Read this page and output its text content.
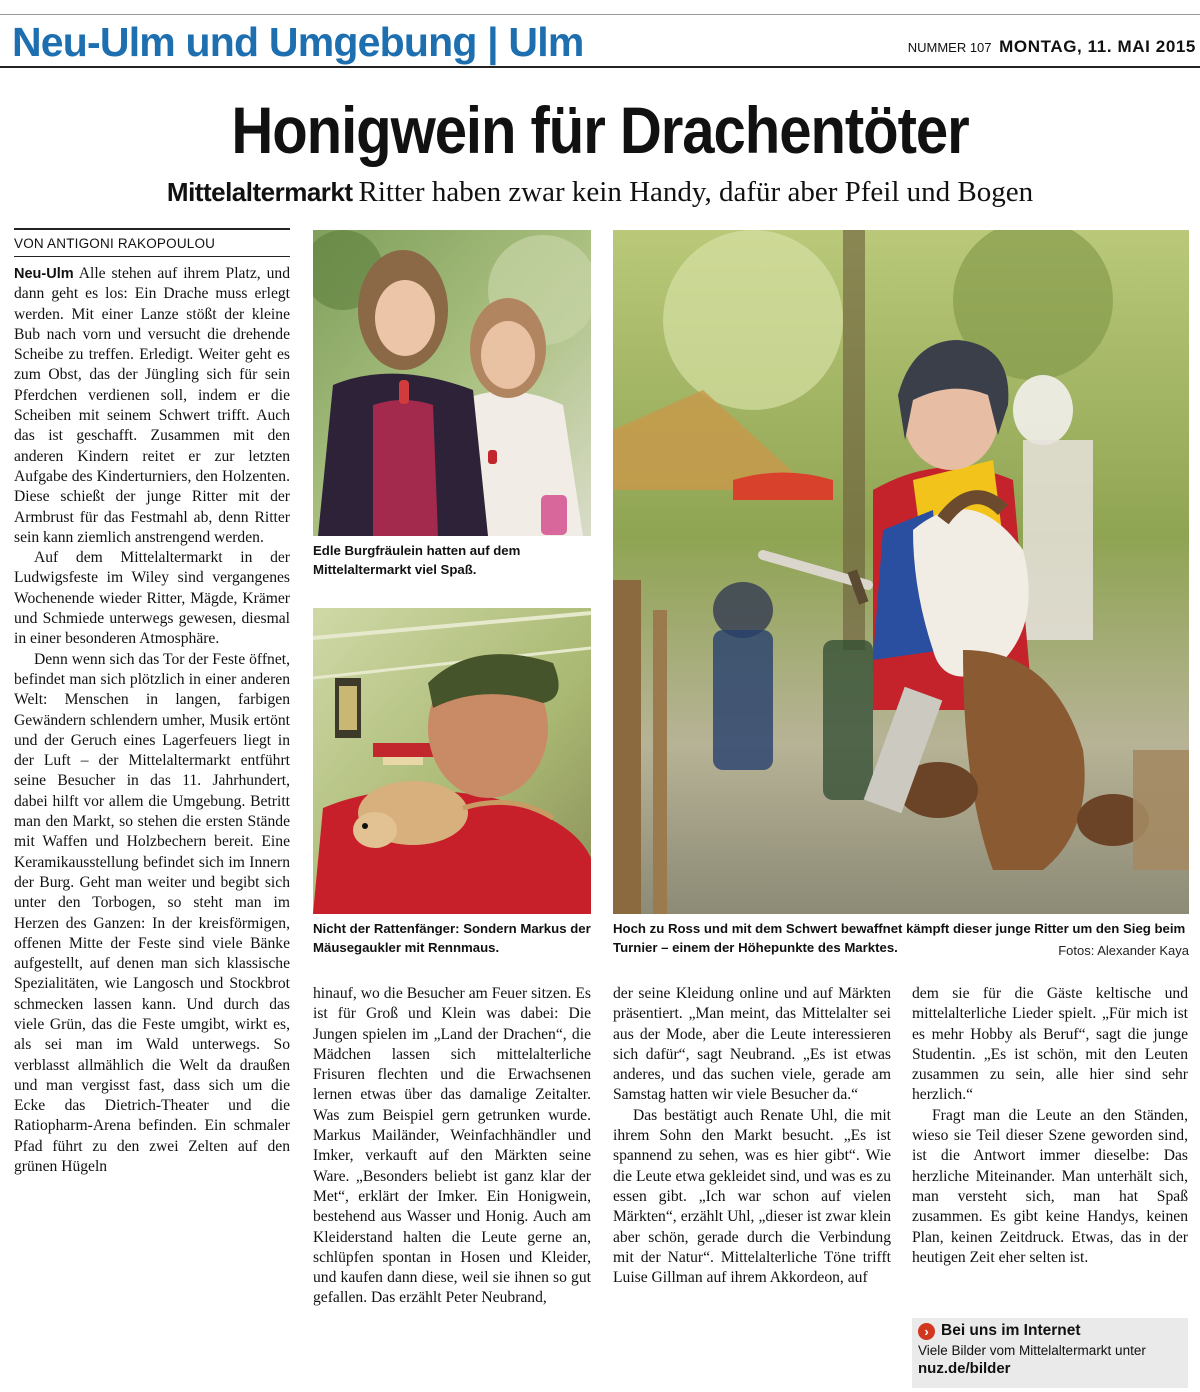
Neu-Ulm und Umgebung | Ulm	NUMMER 107 MONTAG, 11. MAI 2015
Honigwein für Drachentöter
Mittelaltermarkt Ritter haben zwar kein Handy, dafür aber Pfeil und Bogen
VON ANTIGONI RAKOPOULOU

Neu-Ulm Alle stehen auf ihrem Platz, und dann geht es los: Ein Drache muss erlegt werden. Mit einer Lanze stößt der kleine Bub nach vorn und versucht die drehende Scheibe zu treffen. Erledigt. Weiter geht es zum Obst, das der Jüngling sich für sein Pferdchen verdienen soll, indem er die Scheiben mit seinem Schwert trifft. Auch das ist geschafft. Zusammen mit den anderen Kindern reitet er zur letzten Aufgabe des Kinderturniers, den Holzenten. Diese schießt der junge Ritter mit der Armbrust für das Festmahl ab, denn Ritter sein kann ziemlich anstrengend werden.

Auf dem Mittelaltermarkt in der Ludwigsfeste im Wiley sind vergangenes Wochenende wieder Ritter, Mägde, Krämer und Schmiede unterwegs gewesen, diesmal in einer besonderen Atmosphäre.

Denn wenn sich das Tor der Feste öffnet, befindet man sich plötzlich in einer anderen Welt: Menschen in langen, farbigen Gewändern schlendern umher, Musik ertönt und der Geruch eines Lagerfeuers liegt in der Luft – der Mittelaltermarkt entführt seine Besucher in das 11. Jahrhundert, dabei hilft vor allem die Umgebung. Betritt man den Markt, so stehen die ersten Stände mit Waffen und Holzbechern bereit. Eine Keramikausstellung befindet sich im Innern der Burg. Geht man weiter und begibt sich unter den Torbogen, so steht man im Herzen des Ganzen: In der kreisförmigen, offenen Mitte der Feste sind viele Bänke aufgestellt, auf denen man sich klassische Spezialitäten, wie Langosch und Stockbrot schmecken lassen kann. Und durch das viele Grün, das die Feste umgibt, wirkt es, als sei man im Wald unterwegs. So verblasst allmählich die Welt da draußen und man vergisst fast, dass sich um die Ecke das Dietrich-Theater und die Ratiopharm-Arena befinden. Ein schmaler Pfad führt zu den zwei Zelten auf den grünen Hügeln

Edle Burgfräulein hatten auf dem Mittelaltermarkt viel Spaß.
Nicht der Rattenfänger: Sondern Markus der Mäusegaukler mit Rennmaus.
Hoch zu Ross und mit dem Schwert bewaffnet kämpft dieser junge Ritter um den Sieg beim Turnier – einem der Höhepunkte des Marktes.	Fotos: Alexander Kaya

hinauf, wo die Besucher am Feuer sitzen. Es ist für Groß und Klein was dabei: Die Jungen spielen im „Land der Drachen“, die Mädchen lassen sich mittelalterliche Frisuren flechten und die Erwachsenen lernen etwas über das damalige Zeitalter. Was zum Beispiel gern getrunken wurde. Markus Mailänder, Weinfachhändler und Imker, verkauft auf den Märkten seine Ware. „Besonders beliebt ist ganz klar der Met“, erklärt der Imker. Ein Honigwein, bestehend aus Wasser und Honig. Auch am Kleiderstand halten die Leute gerne an, schlüpfen spontan in Hosen und Kleider, und kaufen dann diese, weil sie ihnen so gut gefallen. Das erzählt Peter Neubrand,

der seine Kleidung online und auf Märkten präsentiert. „Man meint, das Mittelalter sei aus der Mode, aber die Leute interessieren sich dafür“, sagt Neubrand. „Es ist etwas anderes, und das suchen viele, gerade am Samstag hatten wir viele Besucher da.“

Das bestätigt auch Renate Uhl, die mit ihrem Sohn den Markt besucht. „Es ist spannend zu sehen, was es hier gibt“. Wie die Leute etwa gekleidet sind, und was es zu essen gibt. „Ich war schon auf vielen Märkten“, erzählt Uhl, „dieser ist zwar klein aber schön, gerade durch die Verbindung mit der Natur“. Mittelalterliche Töne trifft Luise Gillman auf ihrem Akkordeon, auf

dem sie für die Gäste keltische und mittelalterliche Lieder spielt. „Für mich ist es mehr Hobby als Beruf“, sagt die junge Studentin. „Es ist schön, mit den Leuten zusammen zu sein, alle hier sind sehr herzlich.“

Fragt man die Leute an den Ständen, wieso sie Teil dieser Szene geworden sind, ist die Antwort immer dieselbe: Das herzliche Miteinander. Man unterhält sich, man versteht sich, man hat Spaß zusammen. Es gibt keine Handys, keinen Plan, keinen Zeitdruck. Etwas, das in der heutigen Zeit eher selten ist.

› Bei uns im Internet
Viele Bilder vom Mittelaltermarkt unter
nuz.de/bilder
